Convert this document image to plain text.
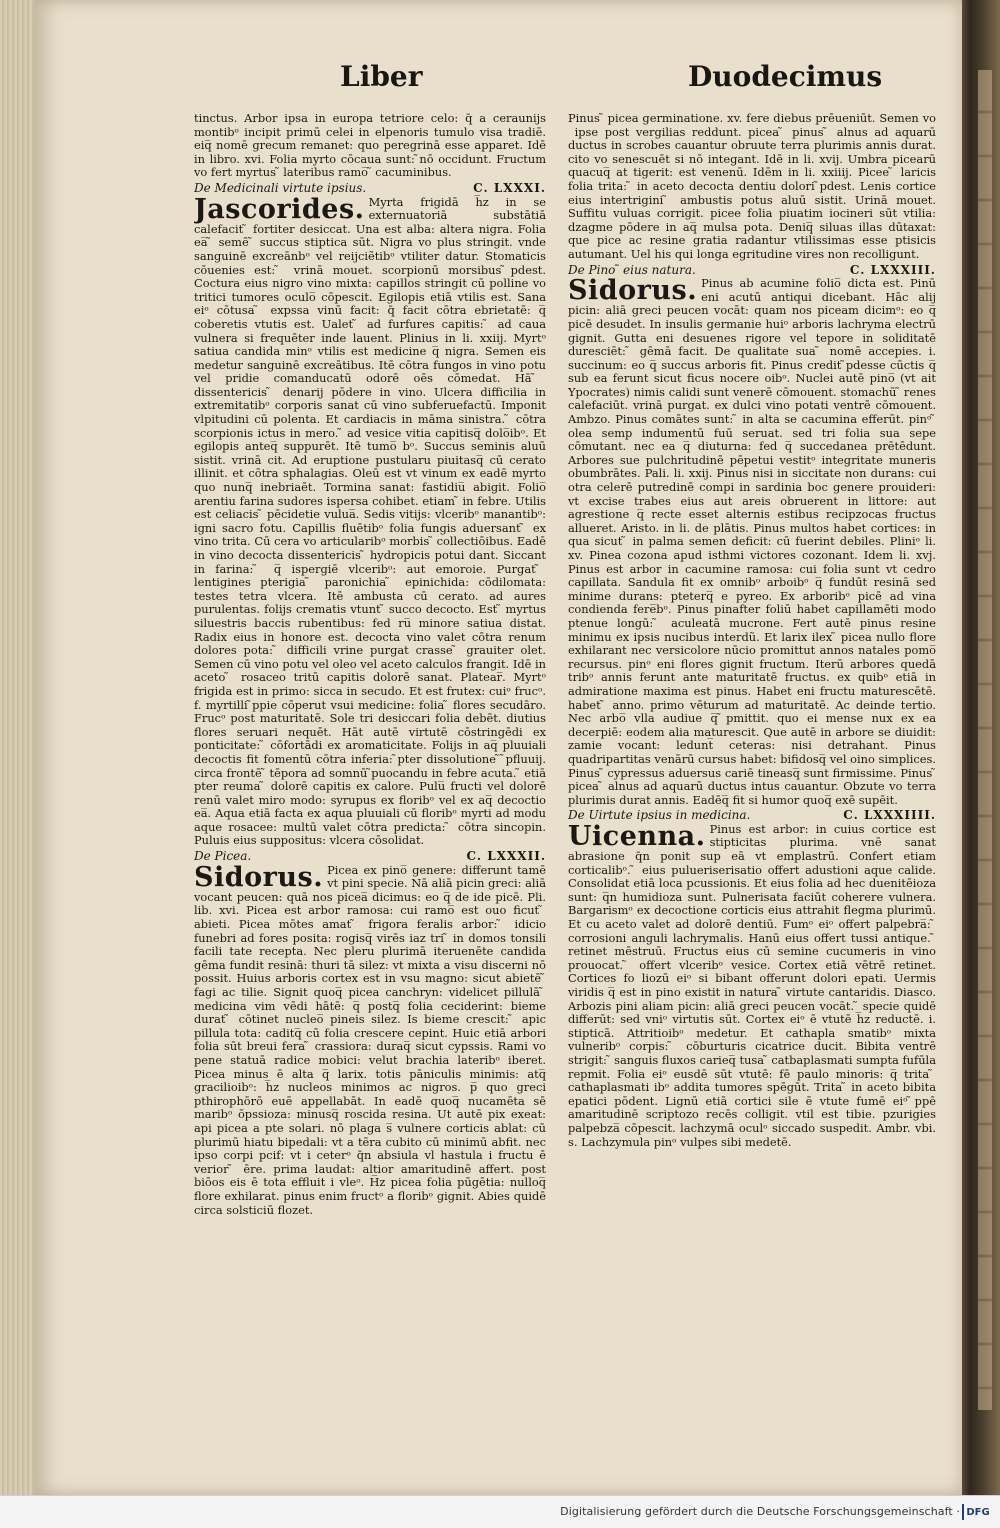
Liber	Duodecimus

tinctus. Arbor ipsa in europa tetriore celo: q̄ a ceraunijs montibᵒ incipit primū celei in elpenoris tumulo visa tradiē. eiq̅ nomē grecum remanet: quo peregrinā esse apparet. Idē in libro. xvi. Folia myrto cōcaua sunt: ̃nō occidunt. Fructum vo fert myrtus ̃ lateribus ramo̅ ̃ cacuminibus.

De Medicinali virtute ipsius.	C. LXXXI.

Jascorides. Myrta frigidā h̅z in se externuatoriā substātiā calefacit ̃ fortiter desiccat. Una est alba: altera nigra. Folia ea̅ ̃ semē ̃ succus stiptica sūt. Nigra vo plus stringit. vnde sanguinē excreānbᵒ vel reijciẽtibᵒ vtiliter datur. Stomaticis cōuenies est: ̃ vrinā mouet. scorpionū morsibus ̃pdest. Coctura eius nigro vino mixta: capillos stringit cū polline vo tritici tumores oculo̅ cōpescit. Egilopis etiā vtilis est. Sana eiᵒ cōtusa ̃ expssa vinū facit: q̄ facit cōtra ebrietatē: q̅ coberetis vtutis est. Ualet ̃ ad furfures capitis: ̃ ad caua vulnera si frequēter inde lauent. Plinius in li. xxiij. Myrtᵒ satiua candida minᵒ vtilis est medicine q̅ nigra. Semen eis medetur sanguinē excreātibus. Itē cōtra fungos in vino potu vel pridie comanducatū odorē oēs cōmedat. Hā ̃ dissentericis ̃ denarij pōdere in vino. Ulcera difficilia in extremitatibᵒ corporis sanat cū vino subferuefactū. Imponit vlpitudini cū polenta. Et cardiacis in māma sinistra. ̃ cōtra scorpionis ictus in mero. ̃ ad vesice vitia capitisq̅ dolo̅ibᵒ. Et egilopis anteq̅ suppurēt. Itē tumo̅ bᵒ. Succus seminis aluū sistit. vrinā cit. Ad eruptione pustularu piuitasq̅ cū cerato illinit. et cōtra sphalagias. Oleū est vt vinum ex eadē myrto quo nunq̅ inebriaēt. Tormina sanat: fastidiu̅ abigit. Folio̅ arentiu farina sudores ispersa cohibet. etiam ̃ in febre. Utilis est celiacis ̃ pēcidetie vulua̅. Sedis vitijs: vlceribᵒ manantibᵒ: igni sacro fotu. Capillis fluētibᵒ folia fungis aduersant ̃ ex vino trita. Cū cera vo articularibᵒ morbis ̃ collectiōibus. Eadē in vino decocta dissentericis ̃ hydropicis potui dant. Siccant in farina: ̃ q̅ ispergiē vlceribᵒ: aut emoroie. Purgat ̃ lentigines pterigia ̃ paronichia ̃ epinichida: cōdilomata: testes tetra vlcera. Itē ambusta cū cerato. ad aures purulentas. folijs crematis vtunt ̃ succo decocto. Est ̃ myrtus siluestris baccis rubentibus: fed ru̅ minore satiua distat. Radix eius in honore est. decocta vino valet cōtra renum dolores pota: ̃ difficili vrine purgat crasse ̃ grauiter olet. Semen cū vino potu vel oleo vel aceto calculos frangit. Idē in aceto ̃ rosaceo tritū capitis dolorē sanat. Platear̅. Myrtᵒ frigida est in primo: sicca in secudo. Et est frutex: cuiᵒ frucᵒ. f. myrtilli ̃ppie cōperut vsui medicine: folia ̃ flores secudāro. Frucᵒ post maturitatē. Sole tri desiccari folia debēt. diutius flores seruari nequēt. Hāt autē virtutē cōstringēdi ex ponticitate: ̃ cōfortādi ex aromaticitate. Folijs in aq̅ pluuiali decoctis fit fomentū cōtra inferia: ̃pter dissolutione ̃ ̃pfluuij. circa frontē ̃ tēpora ad somnū ̃puocandu in febre acuta. ̃ etiā ̃pter reuma ̃ dolorē capitis ex calore. Pulu̅ fructi vel dolorē renū valet miro modo: syrupus ex floribᵒ vel ex aq̅ decoctio ea̅. Aqua etiā facta ex aqua pluuiali cū floribᵒ myrti ad modu aque rosacee: multū valet cōtra predicta: ̃ cōtra sincopin. Puluis eius suppositus: vlcera cōsolidat.

De Picea.	C. LXXXII.

Sidorus. Picea ex pino̅ genere: differunt tamē vt pini specie. Nā aliā picin greci: aliā vocant peucen: quā nos picea̅ dicimus: eo q̅ de ide picē. Pli. lib. xvi. Picea est arbor ramosa: cui ramo̅ est ouo ficut ̃ abieti. Picea mōtes amat ̃ frigora feralis arbor: ̃ idicio funebri ad fores posita: rogisq̅ virēs iaz tri ̃ in domos tonsili facili tate recepta. Nec pleru plurimā iteruenēte candida gēma fundit resinā: thuri tā silez: vt mixta a visu discerni nō possit. Huius arboris cortex est in vsu magno: sicut abietē ̃ fagi ac tilie. Signit quoq̅ picea canchryn: videlicet pillulā ̃ medicina vim vēdi hātē: q̅ postq̅ folia ceciderint: bieme durat ̃ cōtinet nucleo̅ pineis silez. Is bieme crescit: ̃ apic pillula tota: caditq̅ cū folia crescere cepint. Huic etiā arbori folia sūt breui fera ̃ crassiora: duraq̅ sicut cypssis. Rami vo pene statuā radice mobici: velut brachia lateribᵒ iberet. Picea minus ē alta q̅ larix. totis pāniculis minimis: atq̅ gracilioibᵒ: h̅z nucleos minimos ac nigros. p̅ quo greci pthirophōrō euē appellabāt. In eadē quoq̅ nucamēta sē maribᵒ ōpssioza: minusq̅ roscida resina. Ut autē pix exeat: api picea a pte solari. nō plaga s̅ vulnere corticis ablat: cū plurimū hiatu bipedali: vt a tēra cubito cū minimū abfit. nec ipso corpi pcif: vt i ceterᵒ q̄n absiula vl hastula i fructu ē verior ̃ ēre. prima laudat: altior amaritudinē affert. post biōos eis ē tota effluit i vleᵒ. H̅z picea folia pūgētia: nulloq̅ flore exhilarat. pinus enim fructᵒ a floribᵒ gignit. Abies quidē circa solsticiū flozet.

Pinus ̃ picea germinatione. xv. fere diebus prēueniūt. Semen vo ̃ ipse post vergilias reddunt. picea ̃ pinus ̃ alnus ad aquarū ductus in scrobes cauantur obruute terra plurimis annis durat. cito vo senescuēt si nō integant. Idē in li. xvij. Umbra picearū quacuq̅ at tigerit: est venenū. Idēm in li. xxiiij. Picee ̃ laricis folia trita: ̃ in aceto decocta dentiu dolori ̃pdest. Lenis cortice eius intertrigini ̃ ambustis potus aluū sistit. Urinā mouet. Suffitu vuluas corrigit. picee folia piuatim iocineri sūt vtilia: dzagme pōdere in aq̅ mulsa pota. Deniq̅ siluas illas dūtaxat: que pice ac resine gratia radantur vtilissimas esse ptisicis autumant. Uel his qui longa egritudine vires non recolligunt.

De Pino ̃ eius natura.	C. LXXXIII.

Sidorus. Pinus ab acumine folio̅ dicta est. Pinū eni acutū antiqui dicebant. Hāc alij picin: aliā greci peucen vocāt: quam nos piceam dicimᵒ: eo q̅ picē desudet. In insulis germanie huiᵒ arboris lachryma electrū gignit. Gutta eni desuenes rigore vel tepore in soliditatē duresciēt: ̃ gēmā facit. De qualitate sua ̃ nomē accepies. i. succinum: eo q̅ succus arboris fit. Pinus credit ̃pdesse cūctis q̅ sub ea ferunt sicut ficus nocere oibᵒ. Nuclei autē pino̅ (vt ait Ypocrates) nimis calidi sunt venerē cōmouent. stomachū ̃ renes calefaciūt. vrinā purgat. ex dulci vino potati ventrē cōmouent. Ambzo. Pinus comātes sunt: ̃ in alta se cacumina efferūt. pinᵒ ̃ olea semp indumentū fuū seruat. sed tri folia sua sepe cōmutant. nec ea q̅ diuturna: fed q̅ succedanea prētēdunt. Arbores sue pulchritudinē pēpetui vestitᵒ integritate muneris obumbrātes. Pali. li. xxij. Pinus nisi in siccitate non durans: cui otra celerē putredinē compi in sardinia boc genere prouideri: vt excise trabes eius aut areis obruerent in littore: aut agrestione q̅ recte esset alternis estibus recipzocas fructus allueret. Aristo. in li. de plātis. Pinus multos habet cortices: in qua sicut ̃ in palma semen deficit: cū fuerint debiles. Pliniᵒ li. xv. Pinea cozona apud isthmi victores cozonant. Idem li. xvj. Pinus est arbor in cacumine ramosa: cui folia sunt vt cedro capillata. Sandula fit ex omnibᵒ arboibᵒ q̅ fundūt resinā sed minime durans: pteterq̅ e pyreo. Ex arboribᵒ picē ad vina condienda fere̅bᵒ. Pinus pinafter foliū habet capillamēti modo ̃ptenue longū: ̃ aculeatā mucrone. Fert autē pinus resine minimu ex ipsis nucibus interdũ. Et larix ilex ̃ picea nullo flore exhilarant nec versicolore nūcio promittut annos natales pomo̅ recursus. pinᵒ eni flores gignit fructum. Iterū arbores quedā tribᵒ annis ferunt ante maturitatē fructus. ex quibᵒ etiā in admiratione maxima est pinus. Habet eni fructu maturescētē. habet ̃ anno. primo vēturum ad maturitatē. Ac deinde tertio. Nec arbo̅ vlla audiue q̅ ̃pmittit. quo ei mense nux ex ea decerpiē: eodem alia maturescit. Que autē in arbore se diuidit: zamie vocant: ledunt̅ ceteras: nisi detrahant. Pinus quadripartitas venārū cursus habet: bifidosq̅ vel oino simplices. Pinus ̃ cypressus aduersus cariē tineasq̅ sunt firmissime. Pinus ̃ picea ̃ alnus ad aquarū ductus intus cauantur. Obzute vo terra plurimis durat annis. Eadēq̅ fit si humor quoq̅ exē supēit.

De Uirtute ipsius in medicina.	C. LXXXIIII.

Uicenna. Pinus est arbor: in cuius cortice est stipticitas plurima. vnē sanat abrasione q̄n ponit sup eā vt emplastrū. Confert etiam corticalibᵒ. ̃ eius pulueriserisatio offert adustioni aque calide. Consolidat etiā loca pcussionis. Et eius folia ad hec duenitēioza sunt: q̅n humidioza sunt. Pulnerisata faciūt coherere vulnera. Bargarismᵒ ex decoctione corticis eius attrahit flegma plurimū. Et cu aceto valet ad dolorē dentiū. Fumᵒ eiᵒ offert palpebra̅: ̃ corrosioni anguli lachrymalis. Hanū eius offert tussi antique. ̃ retinet mēstruū. Fructus eius cū semine cucumeris in vino prouocat. ̃ offert vlceribᵒ vesice. Cortex etiā vētrē retinet. Cortices fo liozū eiᵒ si bibant offerunt dolori epati. Uermis viridis q̅ est in pino existit in natura ̃ virtute cantaridis. Diasco. Arbozis pini aliam picin: aliā greci peucen vocāt. ̃ specie quidē differūt: sed vniᵒ virtutis sūt. Cortex eiᵒ ē vtutē h̅z reductē. i. stipticā. Attritioibᵒ medetur. Et cathapla smatibᵒ mixta vulneribᵒ corpis: ̃ cōburturis cicatrice ducit. Bibita ventrē strigit: ̃ sanguis fluxos carieq̅ tusa ̃ catbaplasmati sumpta fufūla repmit. Folia eiᵒ eusdē sūt vtutē: fē paulo minoris: q̅ trita ̃ cathaplasmati ibᵒ addita tumores spēgūt. Trita ̃ in aceto bibita epatici pōdent. Lignū etiā cortici sile ē vtute fumē eiᵒ ̃ppē amaritudinē scriptozo recēs colligit. vtil est tibie. pzurigies palpebza̅ cōpescit. lachzymā oculᵒ siccado suspedit. Ambr. vbi. s. Lachzymula pinᵒ vulpes sibi medetē.

Digitalisierung gefördert durch die Deutsche Forschungsgemeinschaft · DFG
